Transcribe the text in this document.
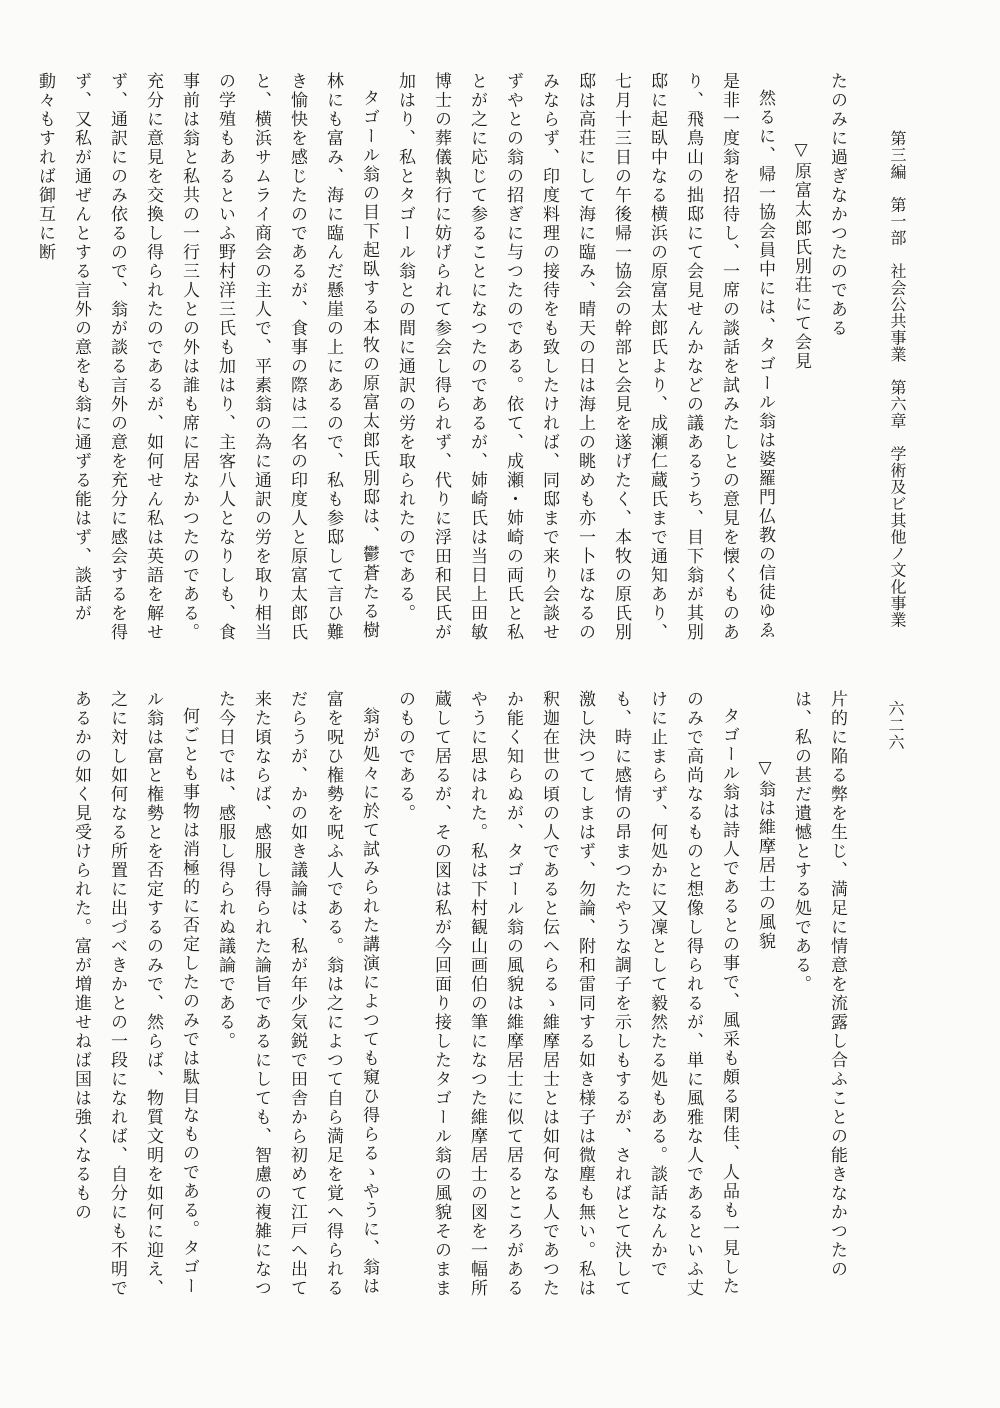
第三編　第一部　社会公共事業　第六章　学術及ビ其他ノ文化事業
六二六
たのみに過ぎなかつたのである
▽原富太郎氏別荘にて会見
然るに、帰一協会員中には、タゴール翁は婆羅門仏教の信徒ゆゑ是非一度翁を招待し、一席の談話を試みたしとの意見を懐くものあり、飛鳥山の拙邸にて会見せんかなどの議あるうち、目下翁が其別邸に起臥中なる横浜の原富太郎氏より、成瀬仁蔵氏まで通知あり、七月十三日の午後帰一協会の幹部と会見を遂げたく、本牧の原氏別邸は高荘にして海に臨み、晴天の日は海上の眺めも亦一卜ほなるのみならず、印度料理の接待をも致したければ、同邸まで来り会談せずやとの翁の招ぎに与つたのである。依て、成瀬・姉崎の両氏と私とが之に応じて参ることになつたのであるが、姉崎氏は当日上田敏博士の葬儀執行に妨げられて参会し得られず、代りに浮田和民氏が加はり、私とタゴール翁との間に通訳の労を取られたのである。
タゴール翁の目下起臥する本牧の原富太郎氏別邸は、鬱蒼たる樹林にも富み、海に臨んだ懸崖の上にあるので、私も参邸して言ひ難き愉快を感じたのであるが、食事の際は二名の印度人と原富太郎氏と、横浜サムライ商会の主人で、平素翁の為に通訳の労を取り相当の学殖もあるといふ野村洋三氏も加はり、主客八人となりしも、食事前は翁と私共の一行三人との外は誰も席に居なかつたのである。充分に意見を交換し得られたのであるが、如何せん私は英語を解せず、通訳にのみ依るので、翁が談る言外の意を充分に感会するを得ず、又私が通ぜんとする言外の意をも翁に通ずる能はず、談話が動々もすれば御互に断
片的に陥る弊を生じ、満足に情意を流露し合ふことの能きなかつたのは、私の甚だ遺憾とする処である。
▽翁は維摩居士の風貌
タゴール翁は詩人であるとの事で、風采も頗る閑佳、人品も一見したのみで高尚なるものと想像し得られるが、単に風雅な人であるといふ丈けに止まらず、何処かに又凜として毅然たる処もある。談話なんかでも、時に感情の昂まつたやうな調子を示しもするが、さればとて決して激し決つてしまはず、勿論、附和雷同する如き様子は微塵も無い。私は釈迦在世の頃の人であると伝へらるゝ維摩居士とは如何なる人であつたか能く知らぬが、タゴール翁の風貌は維摩居士に似て居るところがあるやうに思はれた。私は下村観山画伯の筆になつた維摩居士の図を一幅所蔵して居るが、その図は私が今回面り接したタゴール翁の風貌そのままのものである。
翁が処々に於て試みられた講演によつても窺ひ得らるゝやうに、翁は富を呪ひ権勢を呪ふ人である。翁は之によつて自ら満足を覚へ得られるだらうが、かの如き議論は、私が年少気鋭で田舎から初めて江戸へ出て来た頃ならば、感服し得られた論旨であるにしても、智慮の複雑になつた今日では、感服し得られぬ議論である。
何ごとも事物は消極的に否定したのみでは駄目なものである。タゴール翁は富と権勢とを否定するのみで、然らば、物質文明を如何に迎え、之に対し如何なる所置に出づべきかとの一段になれば、自分にも不明であるかの如く見受けられた。富が増進せねば国は強くなるもの
